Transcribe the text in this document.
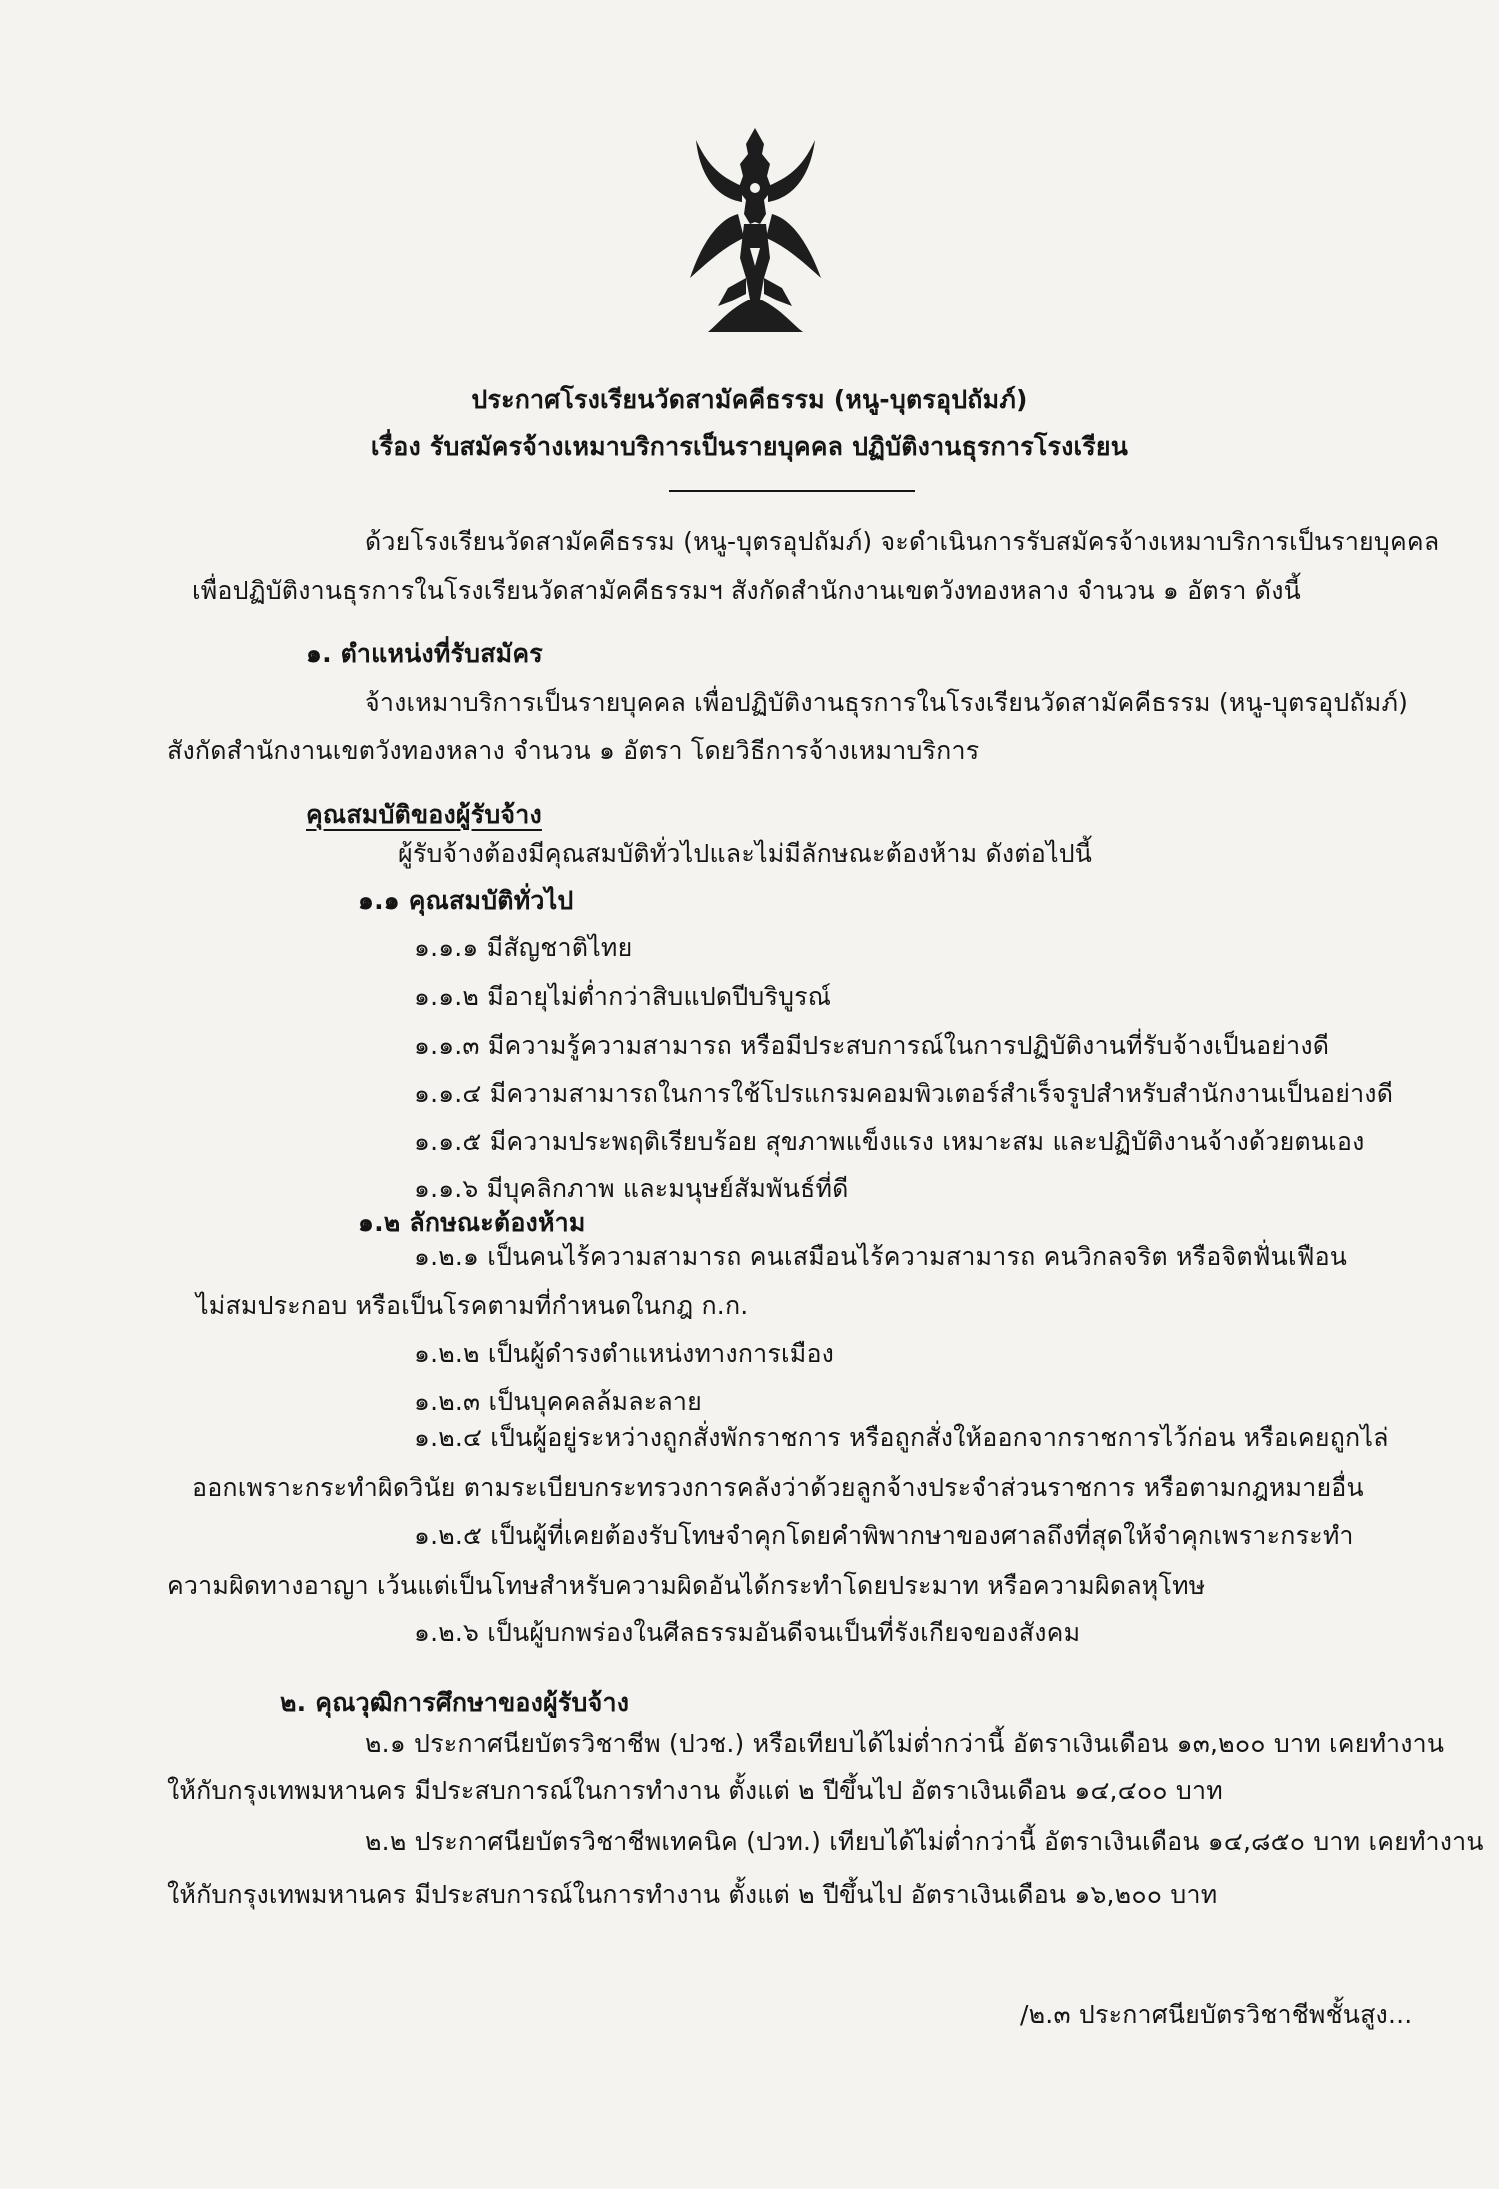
ประกาศโรงเรียนวัดสามัคคีธรรม (หนู-บุตรอุปถัมภ์)

เรื่อง รับสมัครจ้างเหมาบริการเป็นรายบุคคล ปฏิบัติงานธุรการโรงเรียน

ด้วยโรงเรียนวัดสามัคคีธรรม (หนู-บุตรอุปถัมภ์) จะดำเนินการรับสมัครจ้างเหมาบริการเป็นรายบุคคล

เพื่อปฏิบัติงานธุรการในโรงเรียนวัดสามัคคีธรรมฯ สังกัดสำนักงานเขตวังทองหลาง จำนวน ๑ อัตรา ดังนี้

๑. ตำแหน่งที่รับสมัคร

จ้างเหมาบริการเป็นรายบุคคล เพื่อปฏิบัติงานธุรการในโรงเรียนวัดสามัคคีธรรม (หนู-บุตรอุปถัมภ์)

สังกัดสำนักงานเขตวังทองหลาง จำนวน ๑ อัตรา โดยวิธีการจ้างเหมาบริการ

คุณสมบัติของผู้รับจ้าง

ผู้รับจ้างต้องมีคุณสมบัติทั่วไปและไม่มีลักษณะต้องห้าม ดังต่อไปนี้

๑.๑ คุณสมบัติทั่วไป

๑.๑.๑ มีสัญชาติไทย

๑.๑.๒ มีอายุไม่ต่ำกว่าสิบแปดปีบริบูรณ์

๑.๑.๓ มีความรู้ความสามารถ หรือมีประสบการณ์ในการปฏิบัติงานที่รับจ้างเป็นอย่างดี

๑.๑.๔ มีความสามารถในการใช้โปรแกรมคอมพิวเตอร์สำเร็จรูปสำหรับสำนักงานเป็นอย่างดี

๑.๑.๕ มีความประพฤติเรียบร้อย สุขภาพแข็งแรง เหมาะสม และปฏิบัติงานจ้างด้วยตนเอง

๑.๑.๖ มีบุคลิกภาพ และมนุษย์สัมพันธ์ที่ดี

๑.๒ ลักษณะต้องห้าม

๑.๒.๑ เป็นคนไร้ความสามารถ คนเสมือนไร้ความสามารถ คนวิกลจริต หรือจิตฟั่นเฟือน

ไม่สมประกอบ หรือเป็นโรคตามที่กำหนดในกฎ ก.ก.

๑.๒.๒ เป็นผู้ดำรงตำแหน่งทางการเมือง

๑.๒.๓ เป็นบุคคลล้มละลาย

๑.๒.๔ เป็นผู้อยู่ระหว่างถูกสั่งพักราชการ หรือถูกสั่งให้ออกจากราชการไว้ก่อน หรือเคยถูกไล่

ออกเพราะกระทำผิดวินัย ตามระเบียบกระทรวงการคลังว่าด้วยลูกจ้างประจำส่วนราชการ หรือตามกฎหมายอื่น

๑.๒.๕ เป็นผู้ที่เคยต้องรับโทษจำคุกโดยคำพิพากษาของศาลถึงที่สุดให้จำคุกเพราะกระทำ

ความผิดทางอาญา เว้นแต่เป็นโทษสำหรับความผิดอันได้กระทำโดยประมาท หรือความผิดลหุโทษ

๑.๒.๖ เป็นผู้บกพร่องในศีลธรรมอันดีจนเป็นที่รังเกียจของสังคม

๒. คุณวุฒิการศึกษาของผู้รับจ้าง

๒.๑ ประกาศนียบัตรวิชาชีพ (ปวช.) หรือเทียบได้ไม่ต่ำกว่านี้ อัตราเงินเดือน ๑๓,๒๐๐ บาท เคยทำงาน

ให้กับกรุงเทพมหานคร มีประสบการณ์ในการทำงาน ตั้งแต่ ๒ ปีขึ้นไป อัตราเงินเดือน ๑๔,๔๐๐ บาท

๒.๒ ประกาศนียบัตรวิชาชีพเทคนิค (ปวท.) เทียบได้ไม่ต่ำกว่านี้ อัตราเงินเดือน ๑๔,๘๕๐ บาท เคยทำงาน

ให้กับกรุงเทพมหานคร มีประสบการณ์ในการทำงาน ตั้งแต่ ๒ ปีขึ้นไป อัตราเงินเดือน ๑๖,๒๐๐ บาท

/๒.๓ ประกาศนียบัตรวิชาชีพชั้นสูง...
